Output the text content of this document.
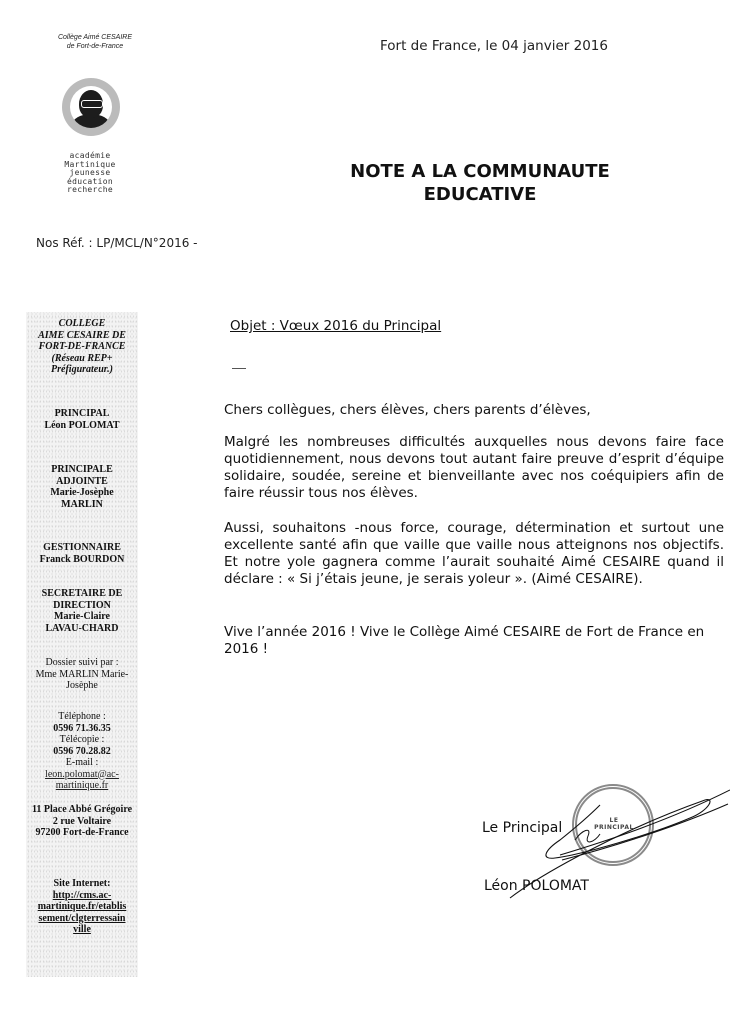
Collège Aimé CESAIRE
de Fort-de-France
académie
Martinique
jeunesse
éducation
recherche
Fort de France, le 04 janvier 2016
NOTE A LA COMMUNAUTE
EDUCATIVE
Nos Réf. : LP/MCL/N°2016 -
COLLEGE
AIME CESAIRE DE
FORT-DE-FRANCE
(Réseau REP+
Préfigurateur.)
PRINCIPAL
Léon POLOMAT
PRINCIPALE
ADJOINTE
Marie-Josèphe
MARLIN
GESTIONNAIRE
Franck BOURDON
SECRETAIRE DE
DIRECTION
Marie-Claire
LAVAU-CHARD
Dossier suivi par :
Mme MARLIN Marie-
Josèphe
Téléphone :
0596 71.36.35
Télécopie :
0596 70.28.82
E-mail :
leon.polomat@ac-
martinique.fr
11 Place Abbé Grégoire
2 rue Voltaire
97200 Fort-de-France
Site Internet:
http://cms.ac-
martinique.fr/etablis
sement/clgterressain
ville
Objet : Vœux 2016 du Principal
Chers collègues, chers élèves, chers parents d’élèves,
Malgré les nombreuses difficultés auxquelles nous devons faire face quotidiennement, nous devons tout autant faire preuve d’esprit d’équipe solidaire, soudée, sereine et bienveillante avec nos coéquipiers afin de faire réussir tous nos élèves.
Aussi, souhaitons -nous force, courage, détermination et surtout une excellente santé afin que vaille que vaille nous atteignons nos objectifs. Et notre yole gagnera comme l’aurait souhaité Aimé CESAIRE quand il déclare : « Si j’étais jeune, je serais yoleur ». (Aimé CESAIRE).
Vive l’année 2016 ! Vive le Collège Aimé CESAIRE de Fort de France en 2016 !
Le Principal	LE PRINCIPAL
Léon POLOMAT
